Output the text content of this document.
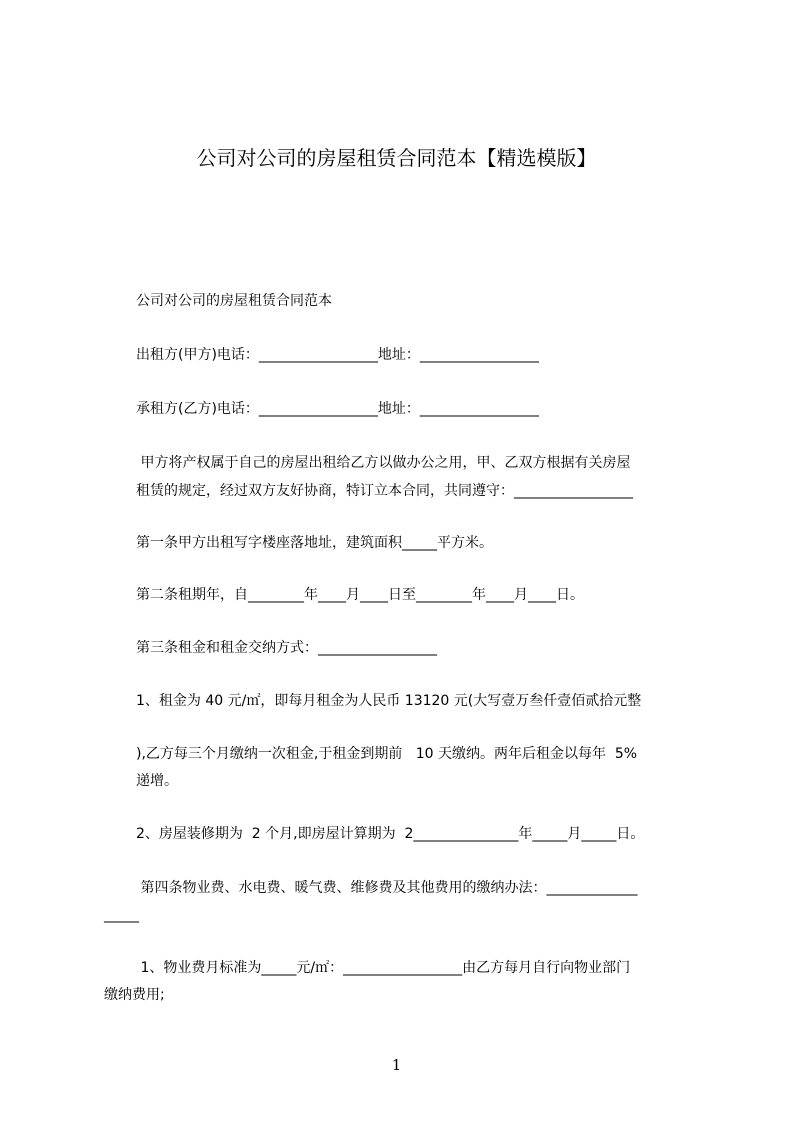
公司对公司的房屋租赁合同范本【精选模版】
公司对公司的房屋租赁合同范本
出租方(甲方)电话：_________________地址：_________________
承租方(乙方)电话：_________________地址：_________________
甲方将产权属于自己的房屋出租给乙方以做办公之用，甲、乙双方根据有关房屋
租赁的规定，经过双方友好协商，特订立本合同，共同遵守：_________________
第一条甲方出租写字楼座落地址，建筑面积_____平方米。
第二条租期年，自________年____月____日至________年____月____日。
第三条租金和租金交纳方式：_________________
1、租金为 40 元/㎡，即每月租金为人民币 13120 元(大写壹万叁仟壹佰贰拾元整
),乙方每三个月缴纳一次租金,于租金到期前   10 天缴纳。两年后租金以每年  5%
递增。
2、房屋装修期为  2 个月,即房屋计算期为  2_______________年_____月_____日。
第四条物业费、水电费、暖气费、维修费及其他费用的缴纳办法：_____________
_____
1、物业费月标准为_____元/㎡：_________________由乙方每月自行向物业部门
缴纳费用;
1
